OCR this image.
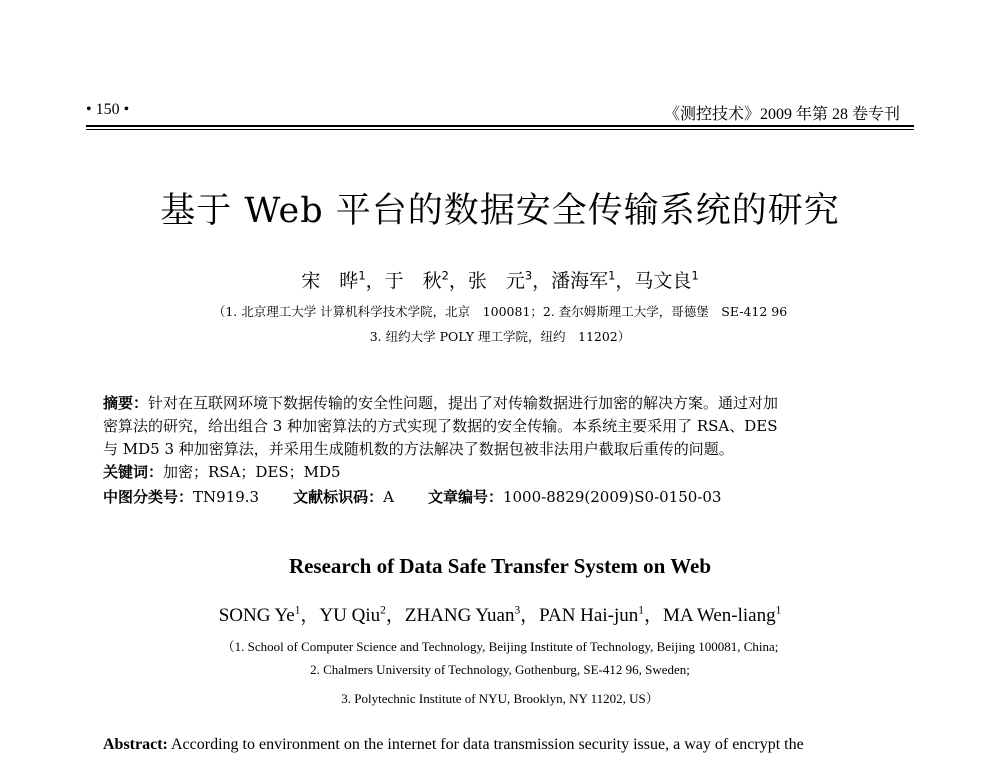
• 150 •	《测控技术》2009 年第 28 卷专刊
基于 Web 平台的数据安全传输系统的研究
宋　晔$^1$，于　秋$^2$，张　元$^3$，潘海军$^1$，马文良$^1$
（1. 北京理工大学 计算机科学技术学院，北京　100081；2. 查尔姆斯理工大学，哥德堡　SE-412 96
3. 纽约大学 POLY 理工学院，纽约　11202）
摘要：针对在互联网环境下数据传输的安全性问题，提出了对传输数据进行加密的解决方案。通过对加
密算法的研究，给出组合 3 种加密算法的方式实现了数据的安全传输。本系统主要采用了 RSA、DES
与 MD5 3 种加密算法，并采用生成随机数的方法解决了数据包被非法用户截取后重传的问题。
关键词：加密；RSA；DES；MD5
中图分类号：TN919.3 文献标识码：A 文章编号：1000-8829(2009)S0-0150-03
Research of Data Safe Transfer System on Web
SONG Ye$^1$，YU Qiu$^2$，ZHANG Yuan$^3$，PAN Hai-jun$^1$，MA Wen-liang$^1$
（1. School of Computer Science and Technology, Beijing Institute of Technology, Beijing 100081, China;
2. Chalmers University of Technology, Gothenburg, SE-412 96, Sweden;
3. Polytechnic Institute of NYU, Brooklyn, NY 11202, US）
Abstract: According to environment on the internet for data transmission security issue, a way of encrypt the
